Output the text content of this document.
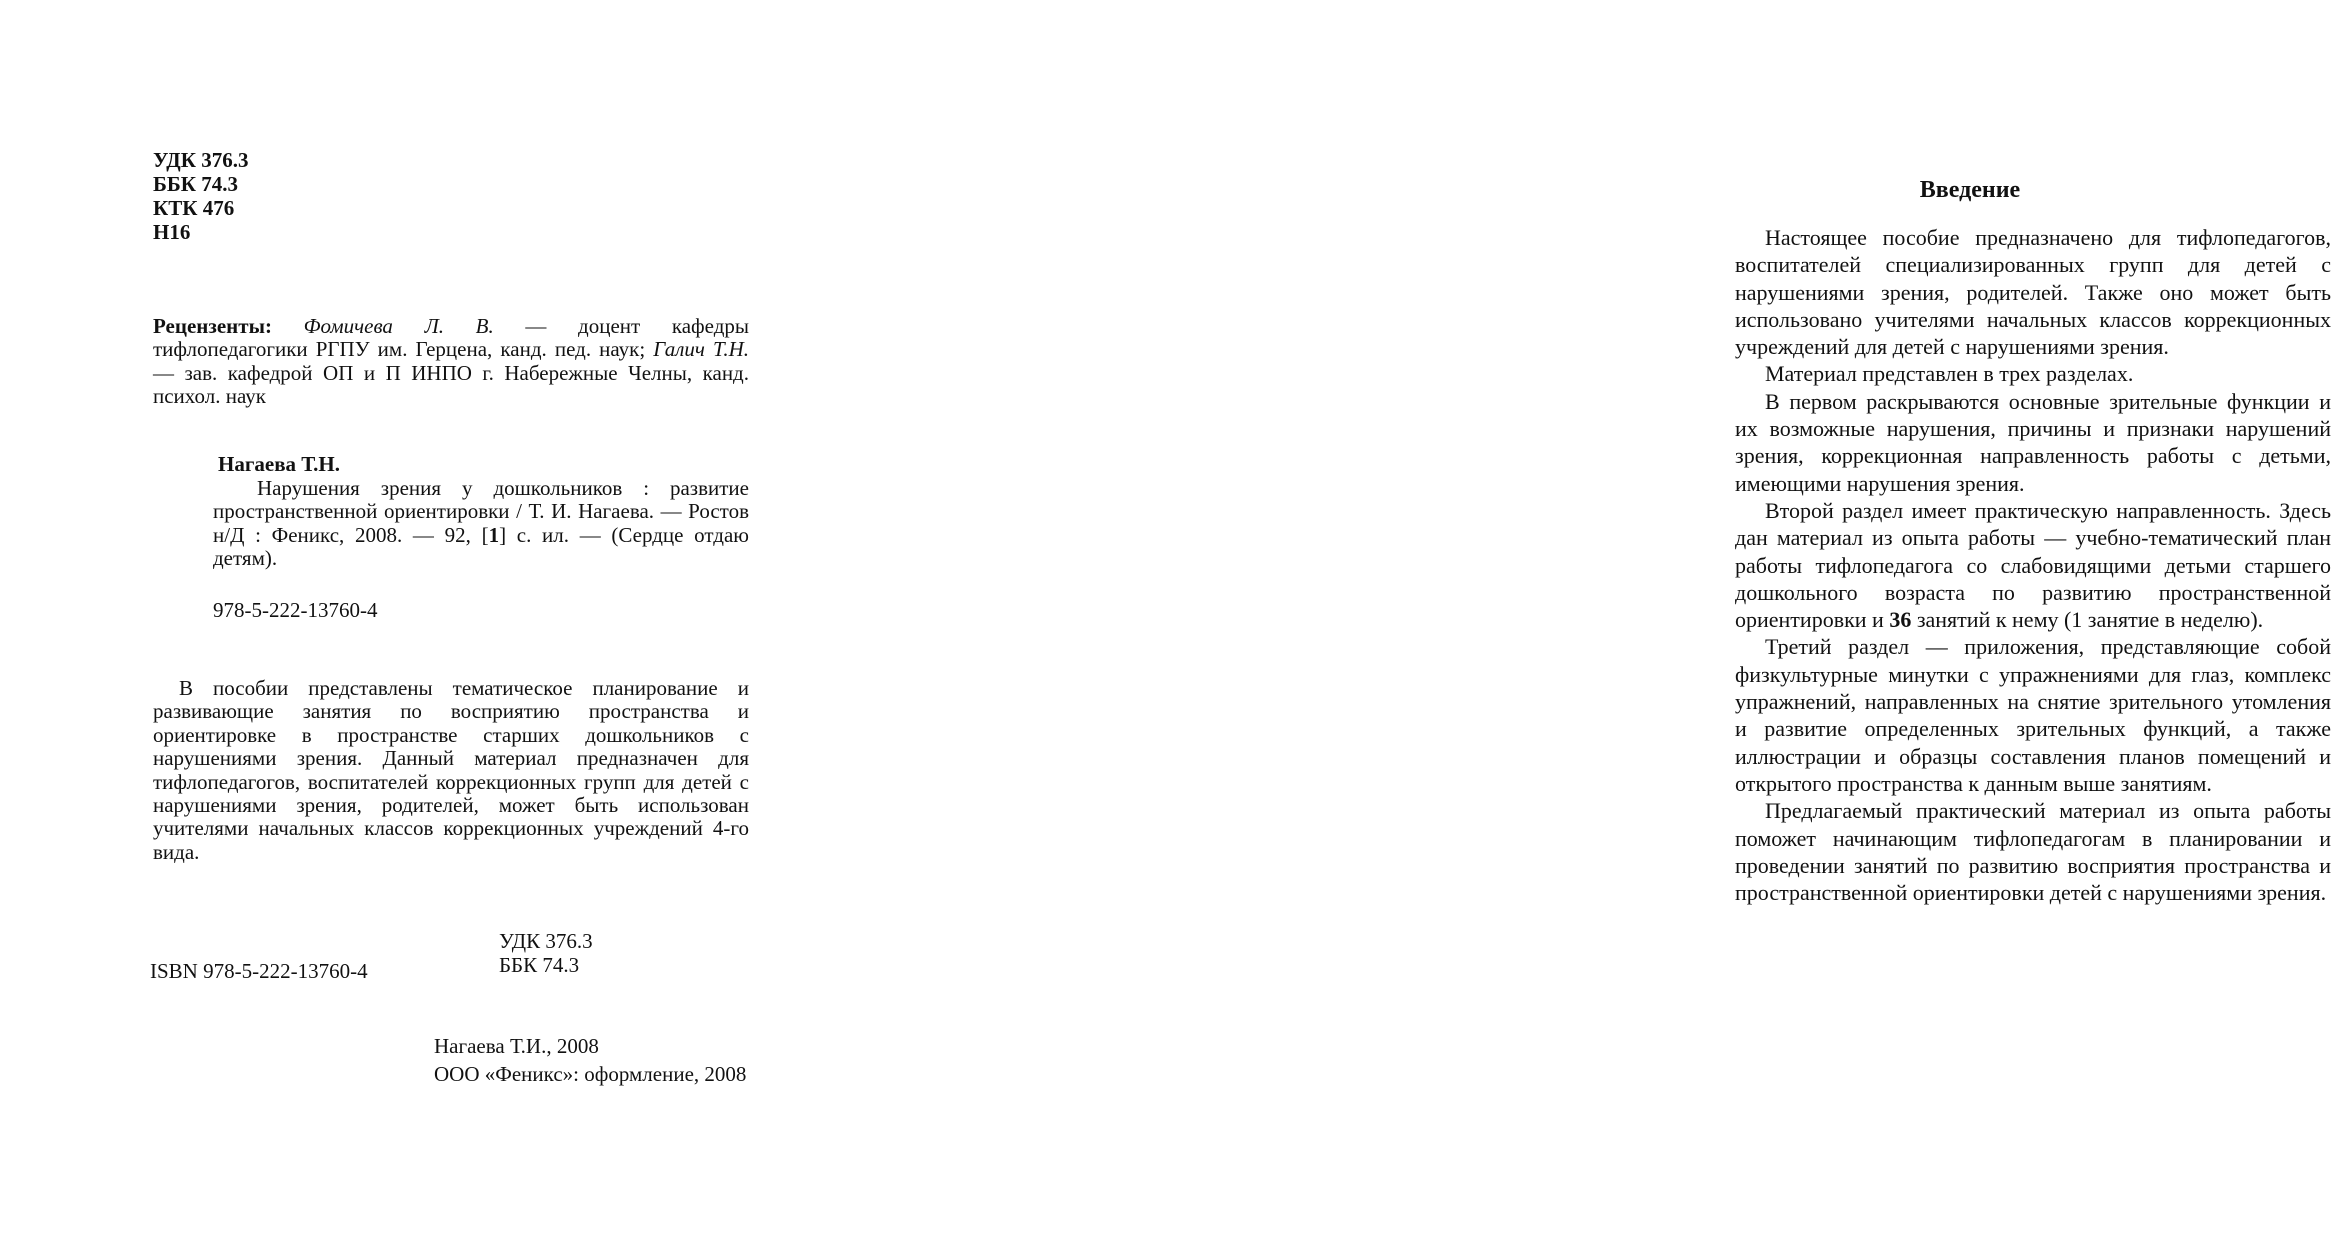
УДК 376.3
ББК 74.3
КТК 476
Н16

Рецензенты: Фомичева Л. В. — доцент кафедры тифлопедагогики РГПУ им. Герцена, канд. пед. наук; Галич Т.Н. — зав. кафедрой ОП и П ИНПО г. Набережные Челны, канд. психол. наук

Нагаева Т.Н.

Нарушения зрения у дошкольников : развитие пространственной ориентировки / Т. И. Нагаева. — Ростов н/Д : Феникс, 2008. — 92, [1] с. ил. — (Сердце отдаю детям).

978-5-222-13760-4

В пособии представлены тематическое планирование и развивающие занятия по восприятию пространства и ориентировке в пространстве старших дошкольников с нарушениями зрения. Данный материал предназначен для тифлопедагогов, воспитателей коррекционных групп для детей с нарушениями зрения, родителей, может быть использован учителями начальных классов коррекционных учреждений 4-го вида.

УДК 376.3
ББК 74.3
ISBN 978-5-222-13760-4
Нагаева Т.И., 2008
ООО «Феникс»: оформление, 2008
Введение

Настоящее пособие предназначено для тифлопедагогов, воспитателей специализированных групп для детей с нарушениями зрения, родителей. Также оно может быть использовано учителями начальных классов коррекционных учреждений для детей с нарушениями зрения.

Материал представлен в трех разделах.

В первом раскрываются основные зрительные функции и их возможные нарушения, причины и признаки нарушений зрения, коррекционная направленность работы с детьми, имеющими нарушения зрения.

Второй раздел имеет практическую направленность. Здесь дан материал из опыта работы — учебно-тематический план работы тифлопедагога со слабовидящими детьми старшего дошкольного возраста по развитию пространственной ориентировки и 36 занятий к нему (1 занятие в неделю).

Третий раздел — приложения, представляющие собой физкультурные минутки с упражнениями для глаз, комплекс упражнений, направленных на снятие зрительного утомления и развитие определенных зрительных функций, а также иллюстрации и образцы составления планов помещений и открытого пространства к данным выше занятиям.

Предлагаемый практический материал из опыта работы поможет начинающим тифлопедагогам в планировании и проведении занятий по развитию восприятия пространства и пространственной ориентировки детей с нарушениями зрения.
